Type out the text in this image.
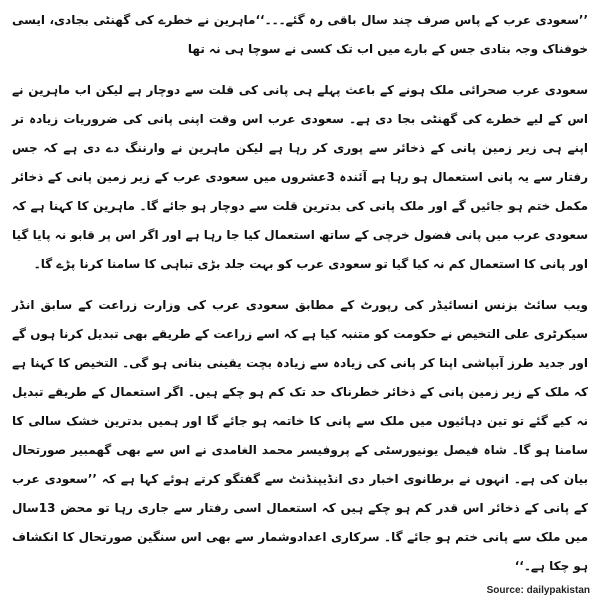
’’سعودی عرب کے پاس صرف چند سال باقی رہ گئے۔۔۔‘‘ماہرین نے خطرے کی گھنٹی بجادی، ایسی خوفناک وجہ بتادی جس کے بارے میں اب تک کسی نے سوچا ہی نہ تھا

سعودی عرب صحرائی ملک ہونے کے باعث پہلے ہی پانی کی قلت سے دوچار ہے لیکن اب ماہرین نے اس کے لیے خطرے کی گھنٹی بجا دی ہے۔ سعودی عرب اس وقت اپنی پانی کی ضروریات زیادہ تر اپنے ہی زیر زمین پانی کے ذخائر سے پوری کر رہا ہے لیکن ماہرین نے وارننگ دے دی ہے کہ جس رفتار سے یہ پانی استعمال ہو رہا ہے آئندہ 3عشروں میں سعودی عرب کے زیر زمین پانی کے ذخائر مکمل ختم ہو جائیں گے اور ملک پانی کی بدترین قلت سے دوچار ہو جائے گا۔ ماہرین کا کہنا ہے کہ سعودی عرب میں پانی فضول خرچی کے ساتھ استعمال کیا جا رہا ہے اور اگر اس پر قابو نہ پایا گیا اور پانی کا استعمال کم نہ کیا گیا تو سعودی عرب کو بہت جلد بڑی تباہی کا سامنا کرنا پڑے گا۔

ویب سائٹ بزنس انسائیڈر کی رپورٹ کے مطابق سعودی عرب کی وزارت زراعت کے سابق انڈر سیکرٹری علی التخیص نے حکومت کو متنبہ کیا ہے کہ اسے زراعت کے طریقے بھی تبدیل کرنا ہوں گے اور جدید طرز آبپاشی اپنا کر پانی کی زیادہ سے زیادہ بچت یقینی بنانی ہو گی۔ التخیص کا کہنا ہے کہ ملک کے زیر زمین پانی کے ذخائر خطرناک حد تک کم ہو چکے ہیں۔ اگر استعمال کے طریقے تبدیل نہ کیے گئے تو تین دہائیوں میں ملک سے پانی کا خاتمہ ہو جائے گا اور ہمیں بدترین خشک سالی کا سامنا ہو گا۔ شاہ فیصل یونیورسٹی کے پروفیسر محمد الغامدی نے اس سے بھی گھمبیر صورتحال بیان کی ہے۔ انہوں نے برطانوی اخبار دی انڈیپنڈنٹ سے گفتگو کرتے ہوئے کہا ہے کہ ’’سعودی عرب کے پانی کے ذخائر اس قدر کم ہو چکے ہیں کہ استعمال اسی رفتار سے جاری رہا تو محض 13سال میں ملک سے پانی ختم ہو جائے گا۔ سرکاری اعدادوشمار سے بھی اس سنگین صورتحال کا انکشاف ہو چکا ہے۔‘‘

Source: dailypakistan
